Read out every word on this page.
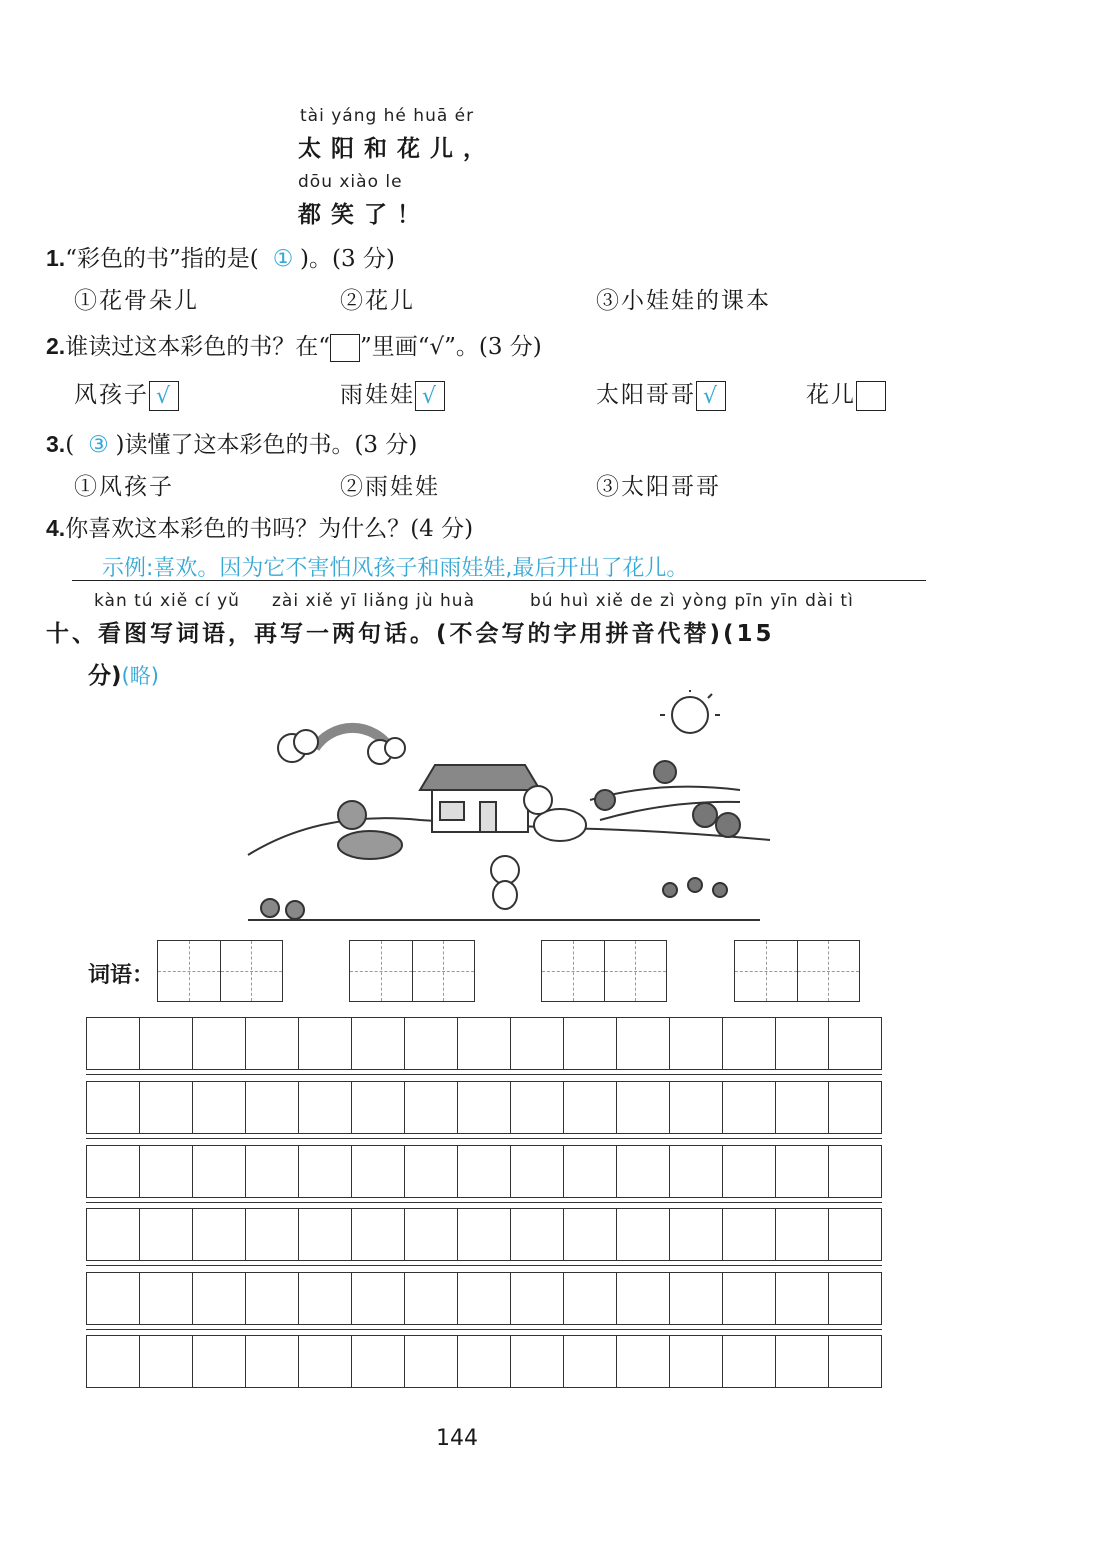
tài yáng hé huā ér
太阳和花儿，
dōu xiào le
都笑了！
1.“彩色的书”指的是( ① )。(3 分)
①花骨朵儿	②花儿	③小娃娃的课本
2.谁读过这本彩色的书？在“ ”里画“√”。(3 分)
风孩子 √	雨娃娃 √	太阳哥哥 √	花儿
3.( ③ )读懂了这本彩色的书。(3 分)
①风孩子	②雨娃娃	③太阳哥哥
4.你喜欢这本彩色的书吗？为什么？(4 分)
示例:喜欢。因为它不害怕风孩子和雨娃娃,最后开出了花儿。
kàn tú xiě cí yǔ zài xiě yī liǎng jù huà	bú huì xiě de zì yòng pīn yīn dài tì
十、看图写词语，再写一两句话。(不会写的字用拼音代替)(15
分)(略)
词语：
144
